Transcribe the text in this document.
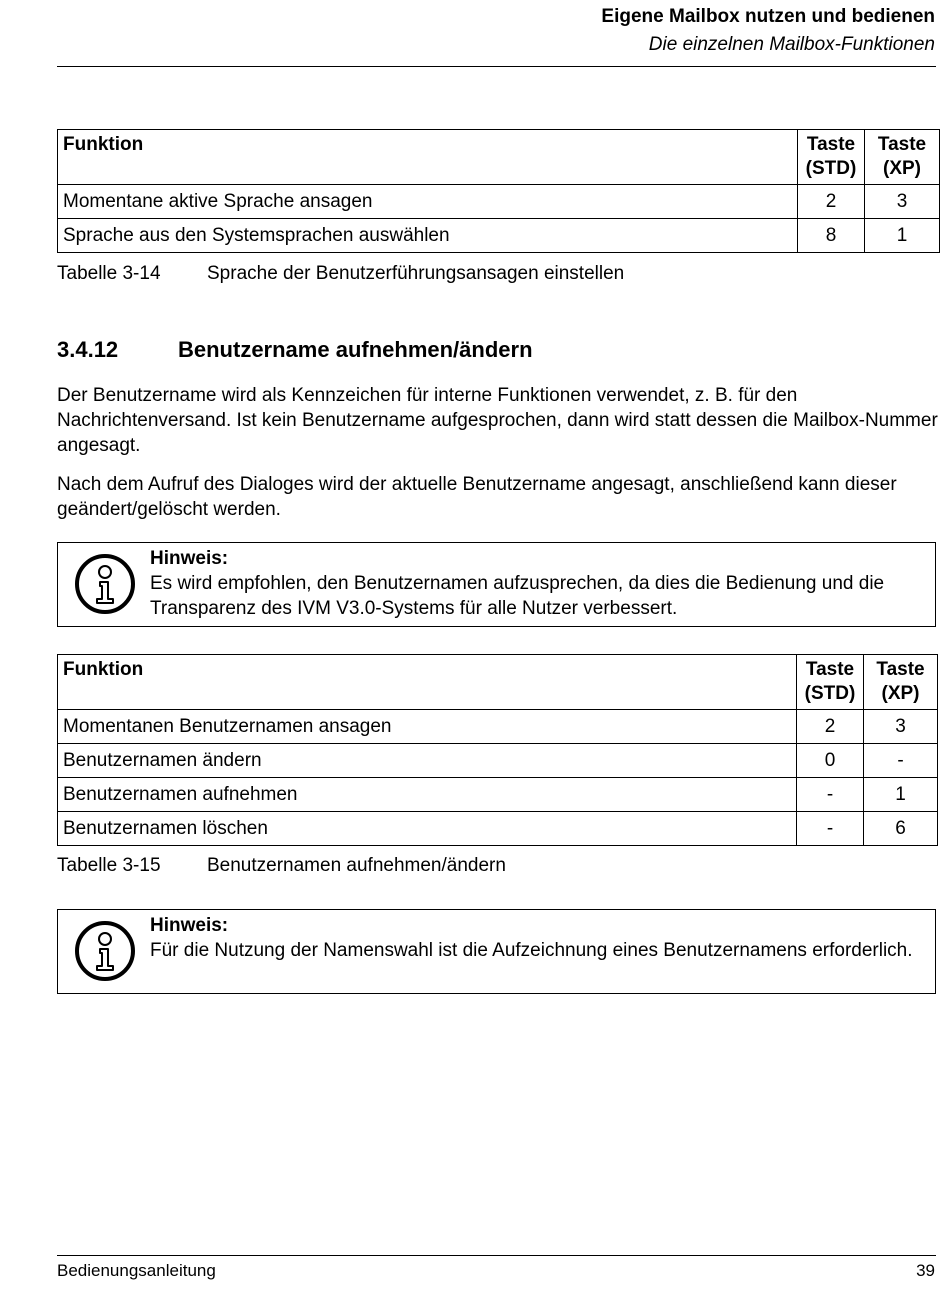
Eigene Mailbox nutzen und bedienen
Die einzelnen Mailbox-Funktionen
Funktion	Taste (STD)	Taste (XP)
Momentane aktive Sprache ansagen	2	3
Sprache aus den Systemsprachen auswählen	8	1
Tabelle 3-14 Sprache der Benutzerführungsansagen einstellen
3.4.12	Benutzername aufnehmen/ändern

Der Benutzername wird als Kennzeichen für interne Funktionen verwendet, z. B. für den Nachrichtenversand. Ist kein Benutzername aufgesprochen, dann wird statt dessen die Mailbox-Nummer angesagt.

Nach dem Aufruf des Dialoges wird der aktuelle Benutzername angesagt, anschließend kann dieser geändert/gelöscht werden.

Hinweis:
Es wird empfohlen, den Benutzernamen aufzusprechen, da dies die Bedienung und die Transparenz des IVM V3.0-Systems für alle Nutzer verbessert.
Funktion	Taste (STD)	Taste (XP)
Momentanen Benutzernamen ansagen	2	3
Benutzernamen ändern	0	-
Benutzernamen aufnehmen	-	1
Benutzernamen löschen	-	6
Tabelle 3-15 Benutzernamen aufnehmen/ändern
Hinweis:
Für die Nutzung der Namenswahl ist die Aufzeichnung eines Benutzernamens erforderlich.
Bedienungsanleitung	39
